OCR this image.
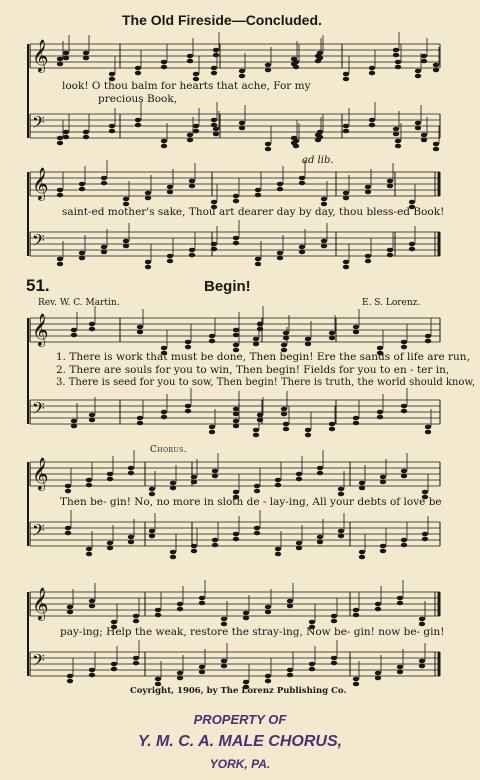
𝄞
𝄢
𝄞
𝄢
𝄞
𝄢
𝄞
𝄢
𝄞
𝄢
The Old Fireside—Concluded.
look! O thou balm for hearts that ache, For my
precious Book,
ad lib.
saint-ed mother's sake, Thou art dearer day by day, thou bless-ed Book!
51.	Begin!
Rev. W. C. Martin.	E. S. Lorenz.
1. There is work that must be done, Then begin! Ere the sands of life are run,
2. There are souls for you to win, Then begin! Fields for you to en - ter in,
3. There is seed for you to sow, Then begin! There is truth, the world should know,
Chorus.
Then be- gin! No, no more in sloth de - lay-ing, All your debts of love be
pay-ing; Help the weak, restore the stray-ing, Now be- gin! now be- gin!
Coyright, 1906, by The Lorenz Publishing Co.
PROPERTY OF
Y. M. C. A. MALE CHORUS,
YORK, PA.
